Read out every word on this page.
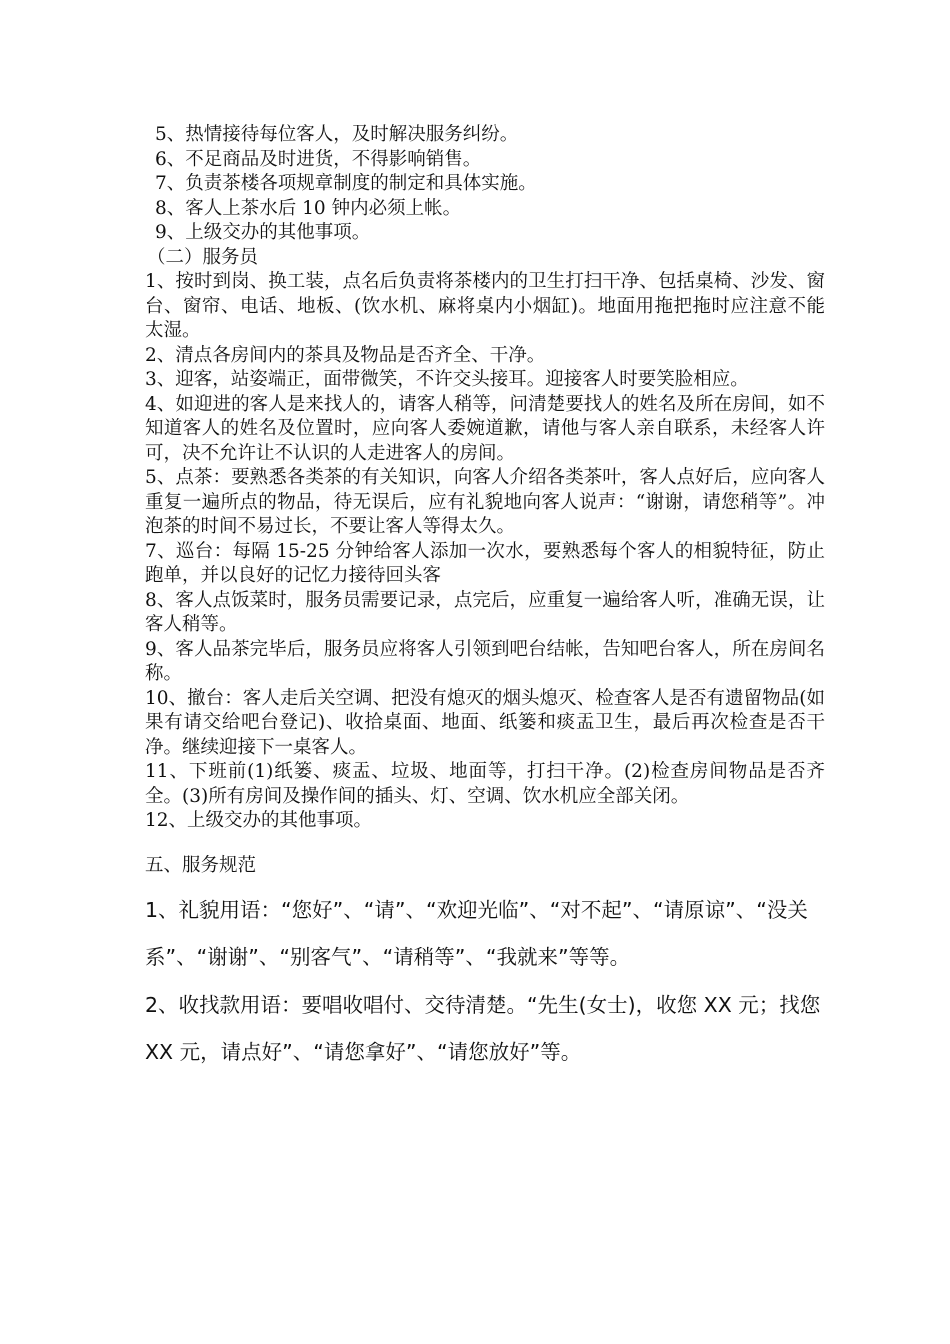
5、热情接待每位客人，及时解决服务纠纷。

6、不足商品及时进货，不得影响销售。

7、负责茶楼各项规章制度的制定和具体实施。

8、客人上茶水后 10 钟内必须上帐。

9、上级交办的其他事项。

（二）服务员

1、按时到岗、换工装，点名后负责将茶楼内的卫生打扫干净、包括桌椅、沙发、窗台、窗帘、电话、地板、(饮水机、麻将桌内小烟缸)。地面用拖把拖时应注意不能太湿。

2、清点各房间内的茶具及物品是否齐全、干净。

3、迎客，站姿端正，面带微笑，不许交头接耳。迎接客人时要笑脸相应。

4、如迎进的客人是来找人的，请客人稍等，问清楚要找人的姓名及所在房间，如不知道客人的姓名及位置时，应向客人委婉道歉，请他与客人亲自联系，未经客人许可，决不允许让不认识的人走进客人的房间。

5、点茶：要熟悉各类茶的有关知识，向客人介绍各类茶叶，客人点好后，应向客人重复一遍所点的物品，待无误后，应有礼貌地向客人说声：“谢谢，请您稍等”。冲泡茶的时间不易过长，不要让客人等得太久。

7、巡台：每隔 15-25 分钟给客人添加一次水，要熟悉每个客人的相貌特征，防止跑单，并以良好的记忆力接待回头客

8、客人点饭菜时，服务员需要记录，点完后，应重复一遍给客人听，准确无误，让客人稍等。

9、客人品茶完毕后，服务员应将客人引领到吧台结帐，告知吧台客人，所在房间名称。

10、撤台：客人走后关空调、把没有熄灭的烟头熄灭、检查客人是否有遗留物品(如果有请交给吧台登记)、收拾桌面、地面、纸篓和痰盂卫生，最后再次检查是否干净。继续迎接下一桌客人。

11、下班前(1)纸篓、痰盂、垃圾、地面等，打扫干净。(2)检查房间物品是否齐全。(3)所有房间及操作间的插头、灯、空调、饮水机应全部关闭。

12、上级交办的其他事项。

五、服务规范

1、礼貌用语：“您好”、“请”、“欢迎光临”、“对不起”、“请原谅”、“没关系”、“谢谢”、“别客气”、“请稍等”、“我就来”等等。

2、收找款用语：要唱收唱付、交待清楚。“先生(女士)，收您 XX 元；找您 XX 元，请点好”、“请您拿好”、“请您放好”等。
